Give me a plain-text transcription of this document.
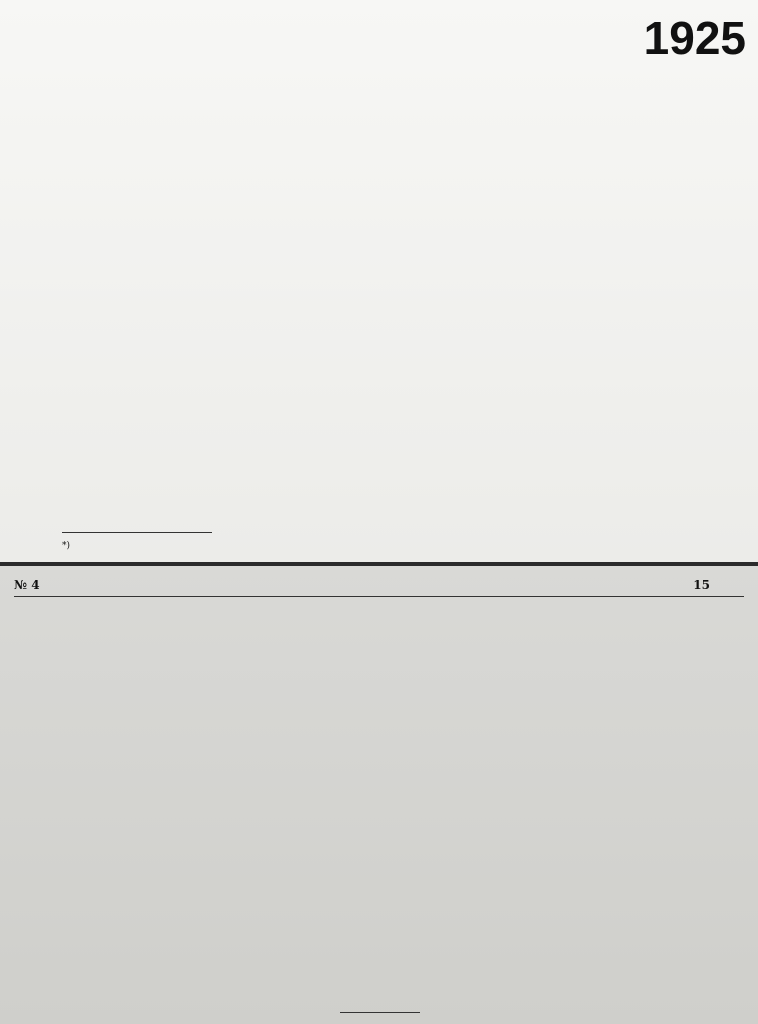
1925
*)
№ 4	15
